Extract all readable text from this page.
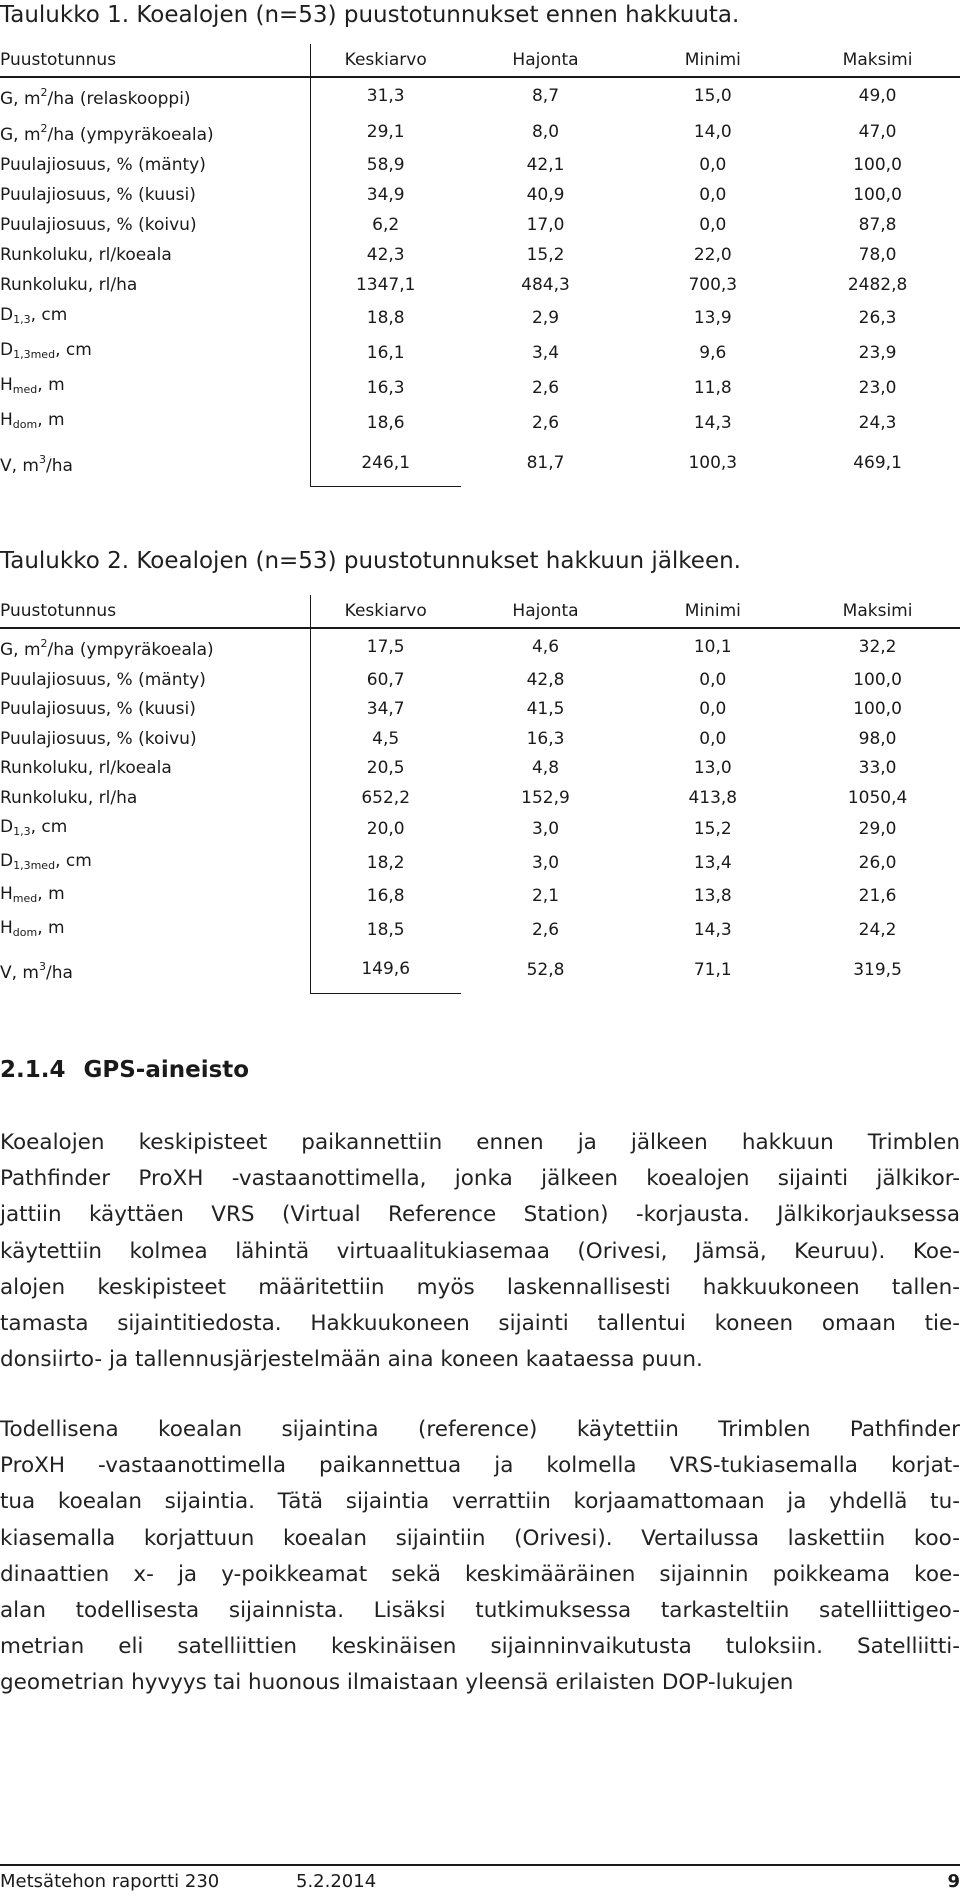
Taulukko 1. Koealojen (n=53) puustotunnukset ennen hakkuuta.
Puustotunnus	Keskiarvo	Hajonta	Minimi	Maksimi
G, $m^2/ha$ (relaskooppi)	31,3	8,7	15,0	49,0
G, $m^2/ha$ (ympyräkoeala)	29,1	8,0	14,0	47,0
Puulajiosuus, % (mänty)	58,9	42,1	0,0	100,0
Puulajiosuus, % (kuusi)	34,9	40,9	0,0	100,0
Puulajiosuus, % (koivu)	6,2	17,0	0,0	87,8
Runkoluku, rl/koeala	42,3	15,2	22,0	78,0
Runkoluku, rl/ha	1347,1	484,3	700,3	2482,8
$D_{1,3}$, cm	18,8	2,9	13,9	26,3
$D_{1,3med}$, cm	16,1	3,4	9,6	23,9
$H_{med}$, m	16,3	2,6	11,8	23,0
$H_{dom}$, m	18,6	2,6	14,3	24,3
V, $m^3/ha$	246,1	81,7	100,3	469,1
Taulukko 2. Koealojen (n=53) puustotunnukset hakkuun jälkeen.
Puustotunnus	Keskiarvo	Hajonta	Minimi	Maksimi
G, $m^2/ha$ (ympyräkoeala)	17,5	4,6	10,1	32,2
Puulajiosuus, % (mänty)	60,7	42,8	0,0	100,0
Puulajiosuus, % (kuusi)	34,7	41,5	0,0	100,0
Puulajiosuus, % (koivu)	4,5	16,3	0,0	98,0
Runkoluku, rl/koeala	20,5	4,8	13,0	33,0
Runkoluku, rl/ha	652,2	152,9	413,8	1050,4
$D_{1,3}$, cm	20,0	3,0	15,2	29,0
$D_{1,3med}$, cm	18,2	3,0	13,4	26,0
$H_{med}$, m	16,8	2,1	13,8	21,6
$H_{dom}$, m	18,5	2,6	14,3	24,2
V, $m^3/ha$	149,6	52,8	71,1	319,5
2.1.4 GPS-aineisto
Koealojen keskipisteet paikannettiin ennen ja jälkeen hakkuun Trimblen
Pathfinder ProXH -vastaanottimella, jonka jälkeen koealojen sijainti jälkikor-
jattiin käyttäen VRS (Virtual Reference Station) -korjausta. Jälkikorjauksessa
käytettiin kolmea lähintä virtuaalitukiasemaa (Orivesi, Jämsä, Keuruu). Koe-
alojen keskipisteet määritettiin myös laskennallisesti hakkuukoneen tallen-
tamasta sijaintitiedosta. Hakkuukoneen sijainti tallentui koneen omaan tie-
donsiirto- ja tallennusjärjestelmään aina koneen kaataessa puun.
Todellisena koealan sijaintina (reference) käytettiin Trimblen Pathfinder
ProXH -vastaanottimella paikannettua ja kolmella VRS-tukiasemalla korjat-
tua koealan sijaintia. Tätä sijaintia verrattiin korjaamattomaan ja yhdellä tu-
kiasemalla korjattuun koealan sijaintiin (Orivesi). Vertailussa laskettiin koo-
dinaattien x- ja y-poikkeamat sekä keskimääräinen sijainnin poikkeama koe-
alan todellisesta sijainnista. Lisäksi tutkimuksessa tarkasteltiin satelliittigeo-
metrian eli satelliittien keskinäisen sijainninvaikutusta tuloksiin. Satelliitti-
geometrian hyvyys tai huonous ilmaistaan yleensä erilaisten DOP-lukujen
Metsätehon raportti 230	5.2.2014	9
